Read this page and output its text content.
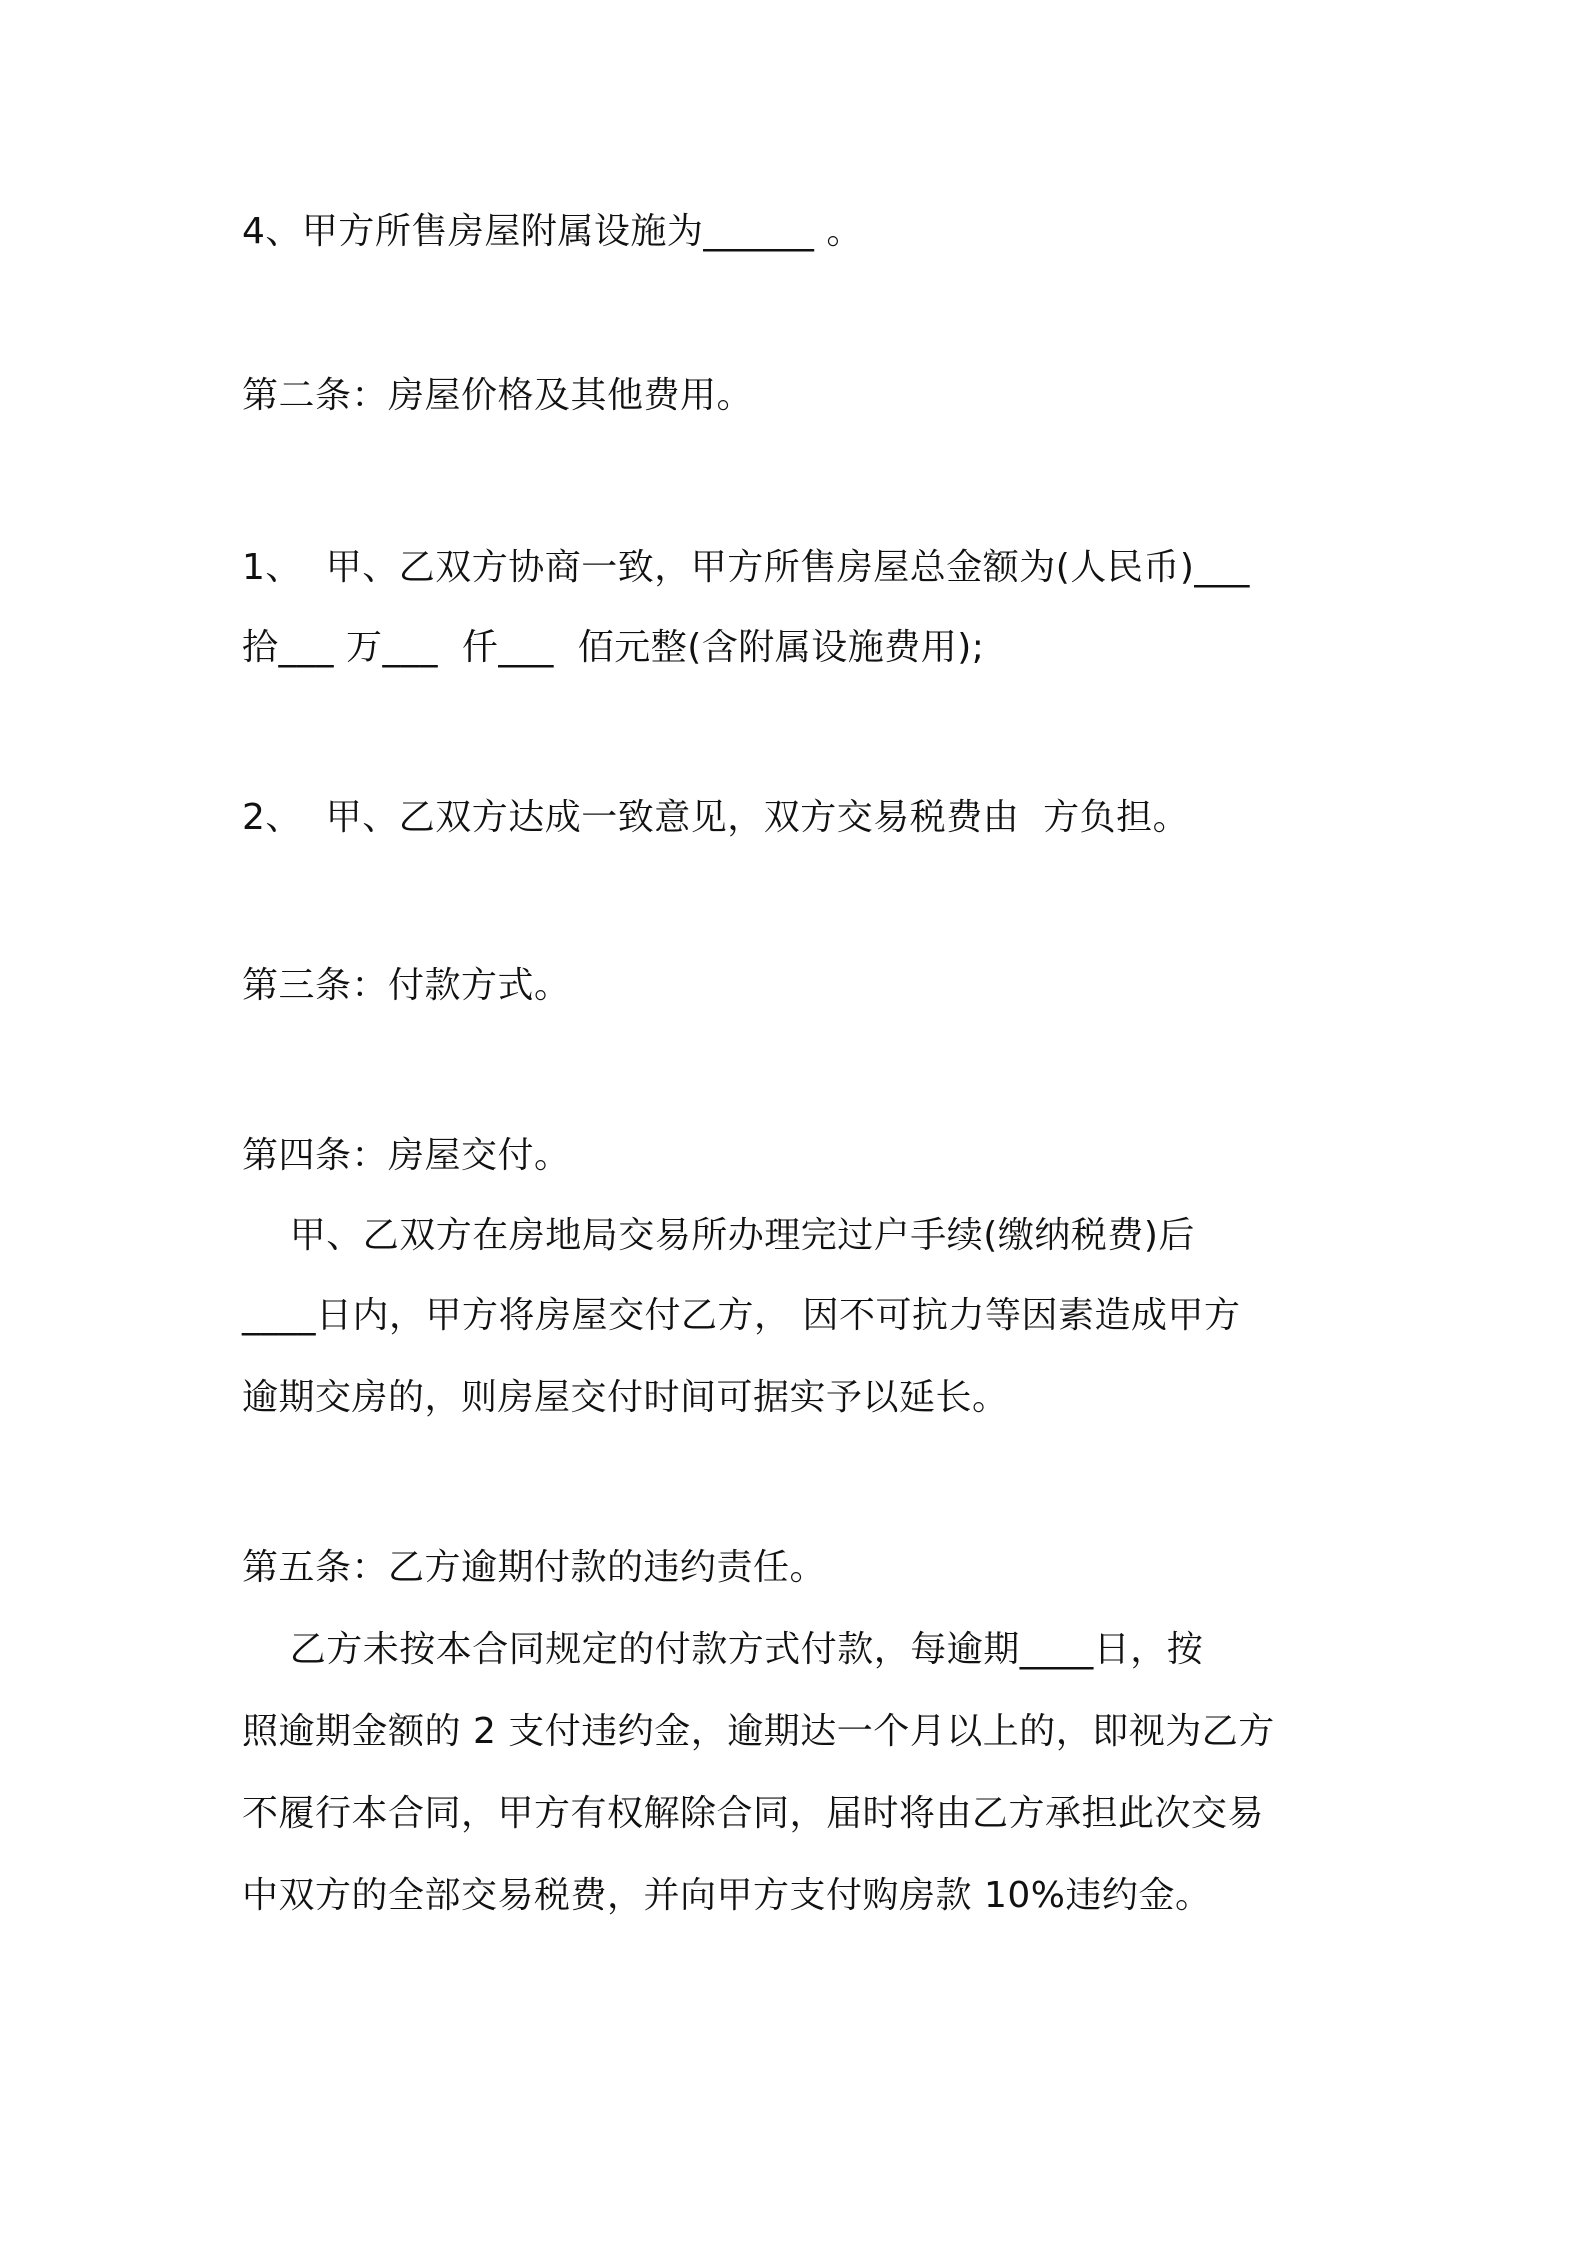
4、甲方所售房屋附属设施为______ 。
第二条：房屋价格及其他费用。
1、  甲、乙双方协商一致，甲方所售房屋总金额为(人民币)___
拾___ 万___  仟___  佰元整(含附属设施费用);
2、  甲、乙双方达成一致意见，双方交易税费由  方负担。
第三条：付款方式。
第四条：房屋交付。
甲、乙双方在房地局交易所办理完过户手续(缴纳税费)后
____日内，甲方将房屋交付乙方， 因不可抗力等因素造成甲方
逾期交房的，则房屋交付时间可据实予以延长。
第五条：乙方逾期付款的违约责任。
乙方未按本合同规定的付款方式付款，每逾期____日，按
照逾期金额的 2 支付违约金，逾期达一个月以上的，即视为乙方
不履行本合同，甲方有权解除合同，届时将由乙方承担此次交易
中双方的全部交易税费，并向甲方支付购房款 10%违约金。
